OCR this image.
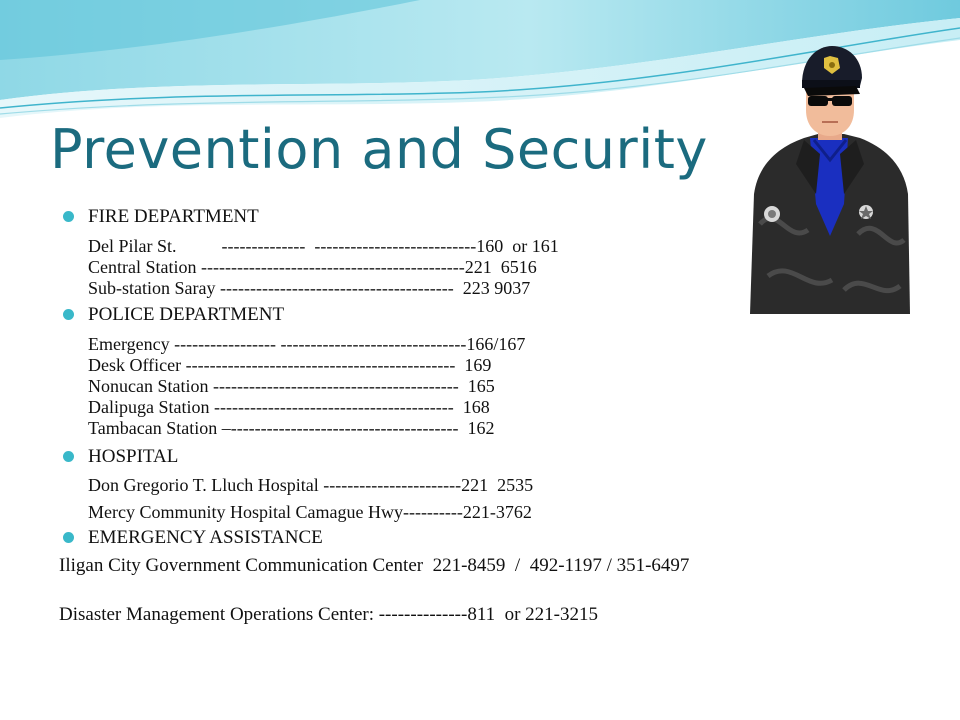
Prevention and Security
FIRE DEPARTMENT
Del Pilar St.          --------------  ---------------------------160  or 161
Central Station --------------------------------------------221  6516
Sub-station Saray ---------------------------------------  223 9037
POLICE DEPARTMENT
Emergency ----------------- -------------------------------166/167
Desk Officer ---------------------------------------------  169
Nonucan Station -----------------------------------------  165
Dalipuga Station ----------------------------------------  168
Tambacan Station –--------------------------------------  162
HOSPITAL
Don Gregorio T. Lluch Hospital -----------------------221  2535
Mercy Community Hospital Camague Hwy----------221-3762
EMERGENCY ASSISTANCE
Iligan City Government Communication Center  221-8459  /  492-1197 / 351-6497
Disaster Management Operations Center: --------------811  or 221-3215
